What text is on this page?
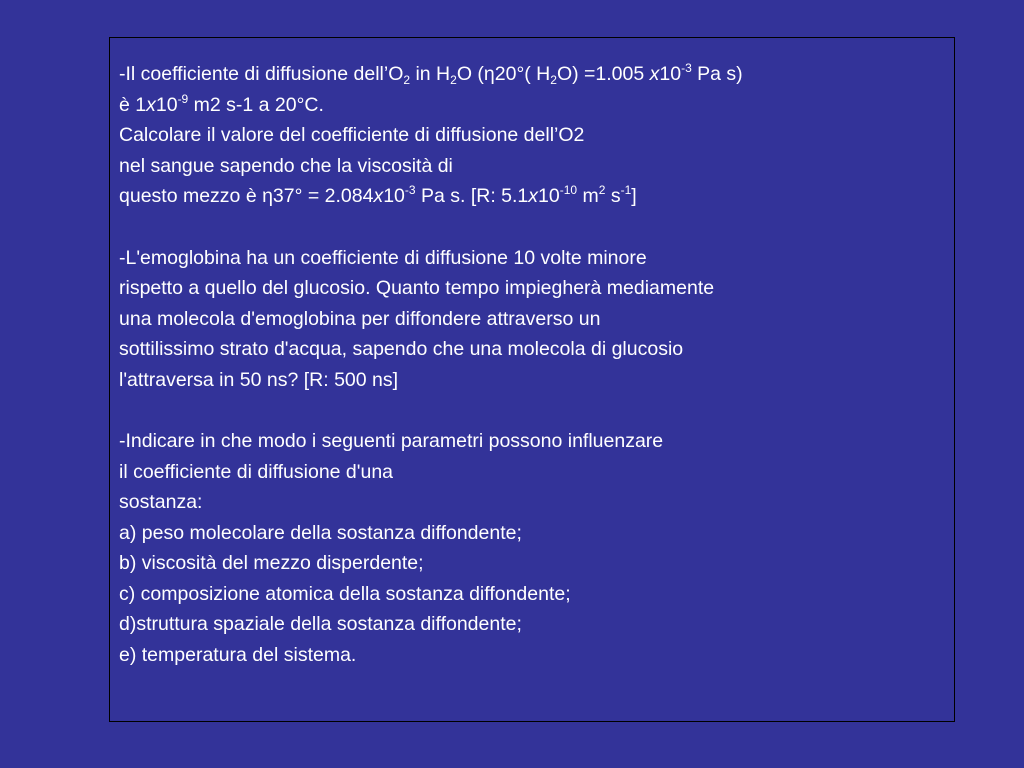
-Il coefficiente di diffusione $dell’O_2$ in $H_2O$ (η20°( $H_2O) =1.005$ $x10^{-3}$ Pa s)
è $1x10^{-9}$ m2 s-1 a 20°C.
Calcolare il valore del coefficiente di diffusione dell’O2
nel sangue sapendo che la viscosità di
questo mezzo è $\eta 37^\circ = 2.084x10^{-3}$ Pa s. [R: $5.1x10^{-10}$ $m^2$ $s^{-1}$]
-L'emoglobina ha un coefficiente di diffusione 10 volte minore
rispetto a quello del glucosio. Quanto tempo impiegherà mediamente
una molecola d'emoglobina per diffondere attraverso un
sottilissimo strato d'acqua, sapendo che una molecola di glucosio
l'attraversa in 50 ns? [R: 500 ns]
-Indicare in che modo i seguenti parametri possono influenzare
il coefficiente di diffusione d'una
sostanza:
a) peso molecolare della sostanza diffondente;
b) viscosità del mezzo disperdente;
c) composizione atomica della sostanza diffondente;
d)struttura spaziale della sostanza diffondente;
e) temperatura del sistema.
